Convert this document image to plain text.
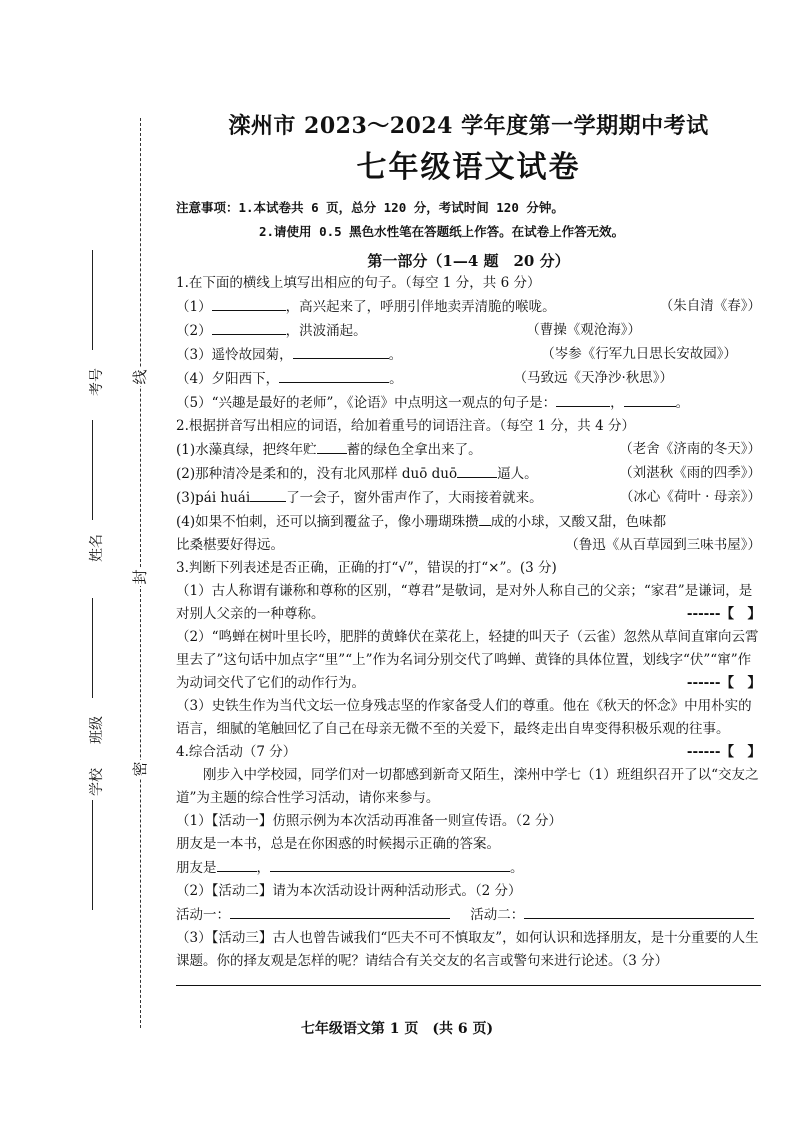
线
封
密
考号
姓名
班级
学校
滦州市 2023～2024 学年度第一学期期中考试
七年级语文试卷
注意事项：1.本试卷共 6 页，总分 120 分，考试时间 120 分钟。
2.请使用 0.5 黑色水性笔在答题纸上作答。在试卷上作答无效。
第一部分（1—4 题　20 分）

1.在下面的横线上填写出相应的句子。（每空 1 分，共 6 分）

（1）	，高兴起来了，呼朋引伴地卖弄清脆的喉咙。	（朱自清《春》）
（2）	，洪波涌起。	（曹操《观沧海》）
（3）遥怜故园菊，	。	（岑参《行军九日思长安故园》）
（4）夕阳西下，	。	（马致远《天净沙·秋思》）
（5）“兴趣是最好的老师”，《论语》中点明这一观点的句子是：	，	。

2.根据拼音写出相应的词语，给加着重号的词语注音。（每空 1 分，共 4 分）

(1)水藻真绿，把终年贮 蓄的绿色全拿出来了。	（老舍《济南的冬天》）
(2)那种清冷是柔和的，没有北风那样 duō duō	逼人。	（刘湛秋《雨的四季》）
(3)pái huái	了一会子，窗外雷声作了，大雨接着就来。	（冰心《荷叶 · 母亲》）
(4)如果不怕刺，还可以摘到覆盆子，像小珊瑚珠攒 成的小球，又酸又甜，色味都
比桑椹要好得远。	（鲁迅《从百草园到三味书屋》）

3.判断下列表述是否正确，正确的打“√”，错误的打“×”。(3 分)

（1）古人称谓有谦称和尊称的区别，“尊君”是敬词，是对外人称自己的父亲；“家君”是谦词，是对别人父亲的一种尊称。	------【　】

（2）“鸣蝉在树叶里长吟，肥胖的黄蜂伏在菜花上，轻捷的叫天子（云雀）忽然从草间直窜向云霄里去了”这句话中加点字“里”“上”作为名词分别交代了鸣蝉、黄锋的具体位置，划线字“伏”“窜”作为动词交代了它们的动作行为。	------【　】

（3）史铁生作为当代文坛一位身残志坚的作家备受人们的尊重。他在《秋天的怀念》中用朴实的语言，细腻的笔触回忆了自己在母亲无微不至的关爱下，最终走出自卑变得积极乐观的往事。
------【　】

4.综合活动（7 分）

刚步入中学校园，同学们对一切都感到新奇又陌生，滦州中学七（1）班组织召开了以“交友之道”为主题的综合性学习活动，请你来参与。

（1）【活动一】仿照示例为本次活动再准备一则宣传语。（2 分）

朋友是一本书，总是在你困惑的时候揭示正确的答案。

朋友是	，	。

（2）【活动二】请为本次活动设计两种活动形式。（2 分）

活动一：	活动二：

（3）【活动三】古人也曾告诫我们“匹夫不可不慎取友”，如何认识和选择朋友，是十分重要的人生课题。你的择友观是怎样的呢？请结合有关交友的名言或警句来进行论述。（3 分）

七年级语文第 1 页　(共 6 页)
